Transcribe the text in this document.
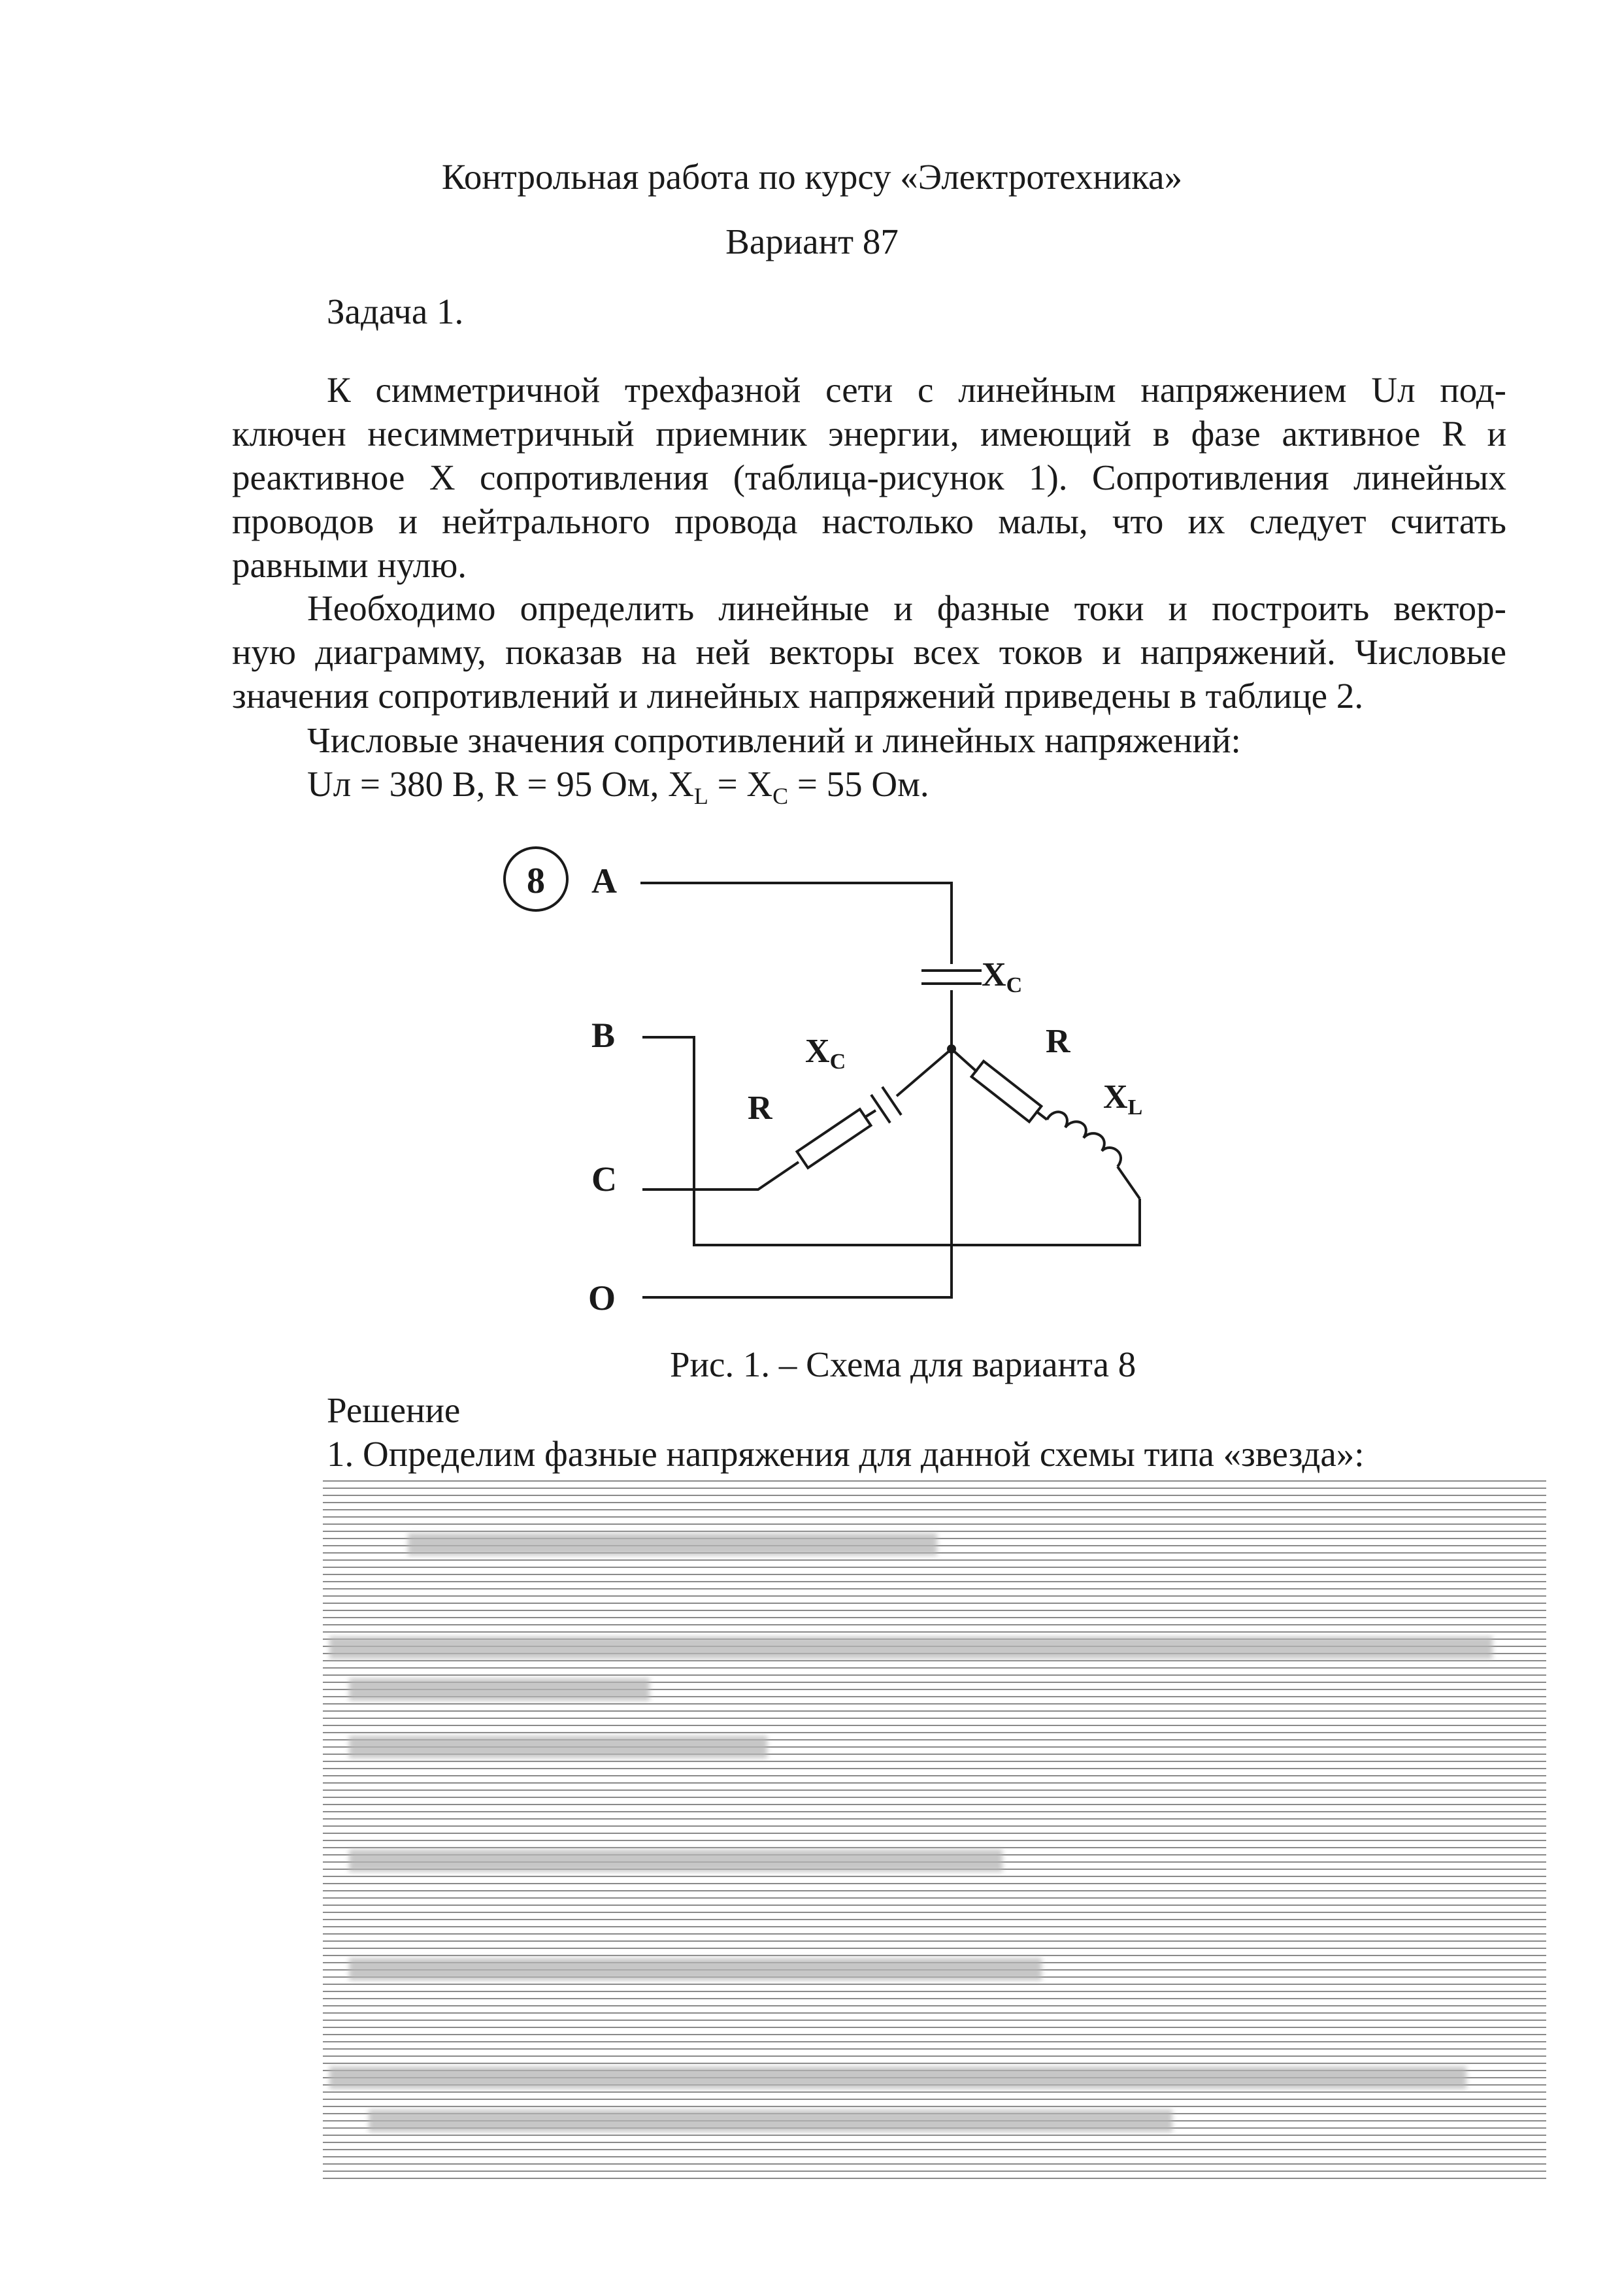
Контрольная работа по курсу «Электротехника»
Вариант 87
Задача 1.
К симметричной трехфазной сети с линейным напряжением Uл под-
ключен несимметричный приемник энергии, имеющий в фазе активное R и
реактивное X сопротивления (таблица-рисунок 1). Сопротивления линейных
проводов и нейтрального провода настолько малы, что их следует считать
равными нулю.
Необходимо определить линейные и фазные токи и построить вектор-
ную диаграмму, показав на ней векторы всех токов и напряжений. Числовые
значения сопротивлений и линейных напряжений приведены в таблице 2.
Числовые значения сопротивлений и линейных напряжений:
Uл = 380 В, R = 95 Ом, $X_L = X_C = 55$ Ом.
8 A
B
C
O
XC
XC
R
R
XL
Рис. 1. – Схема для варианта 8
Решение
1. Определим фазные напряжения для данной схемы типа «звезда»:
